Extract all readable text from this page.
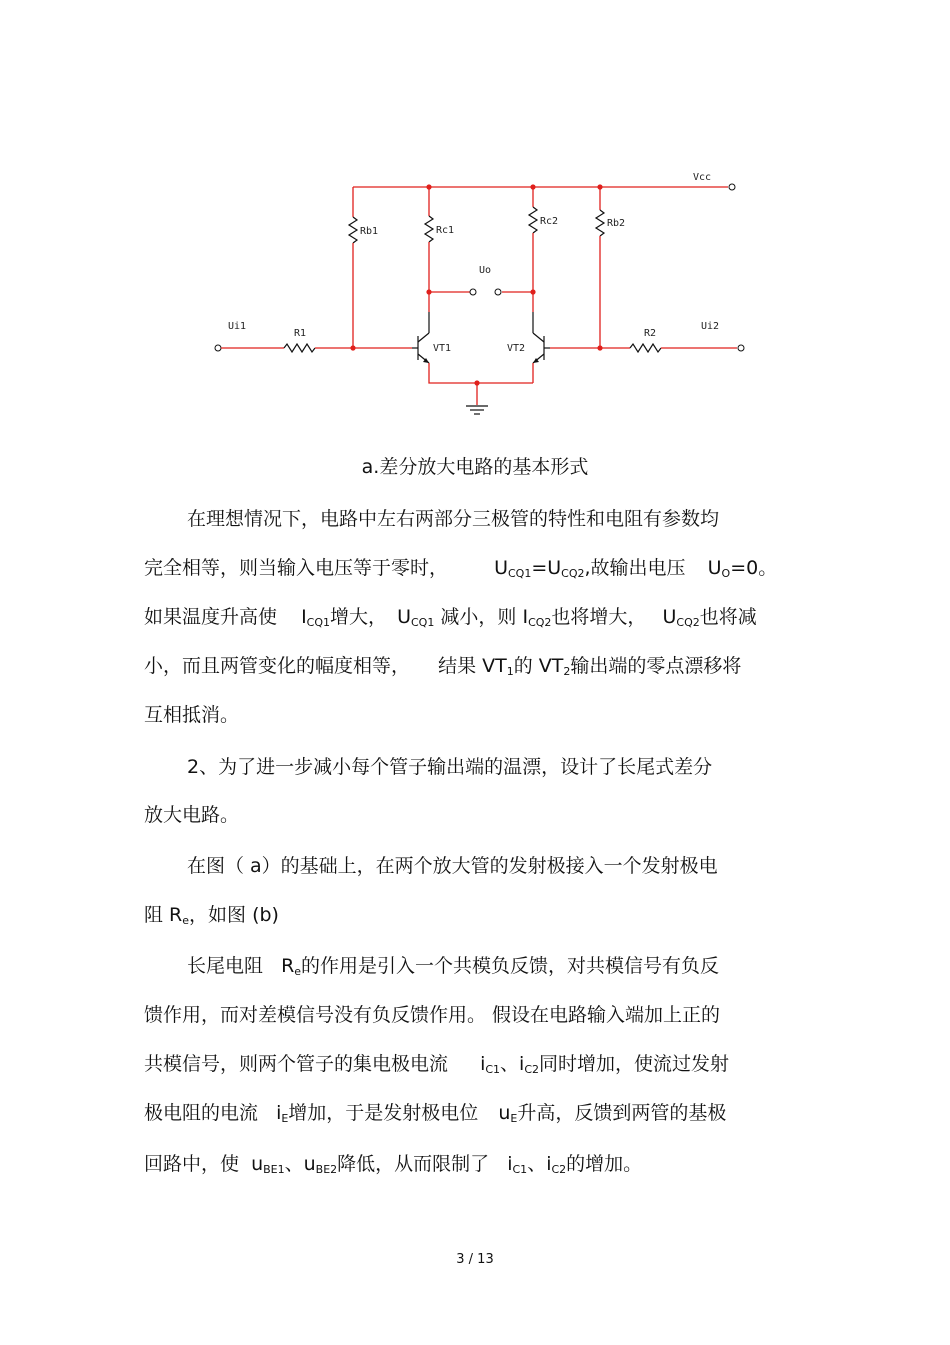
Vcc
Rb1	Rc1
Rc2	Rb2
Uo
Ui1
R1
VT1	VT2
Ui2
R2
a.差分放大电路的基本形式
在理想情况下，电路中左右两部分三极管的特性和电阻有参数均
完全相等，则当输入电压等于零时， $U_{CQ1}=U_{CQ2}$,故输出电压 $U_O=0$。
如果温度升高使 $I_{CQ1}$增大， $U_{CQ1}$ 减小，则 $I_{CQ2}$也将增大， $U_{CQ2}$也将减
小，而且两管变化的幅度相等， 结果 $VT_1$的 $VT_2$输出端的零点漂移将
互相抵消。
2、为了进一步减小每个管子输出端的温漂，设计了长尾式差分
放大电路。
在图（ a）的基础上，在两个放大管的发射极接入一个发射极电
阻 $R_e$，如图 (b)
长尾电阻 $R_e$的作用是引入一个共模负反馈，对共模信号有负反
馈作用，而对差模信号没有负反馈作用。 假设在电路输入端加上正的
共模信号，则两个管子的集电极电流 $i_{C1}$、$i_{C2}$同时增加，使流过发射
极电阻的电流 $i_E$增加，于是发射极电位 $u_E$升高，反馈到两管的基极
回路中，使 $u_{BE1}$、$u_{BE2}$降低，从而限制了 $i_{C1}$、$i_{C2}$的增加。
3 / 13
